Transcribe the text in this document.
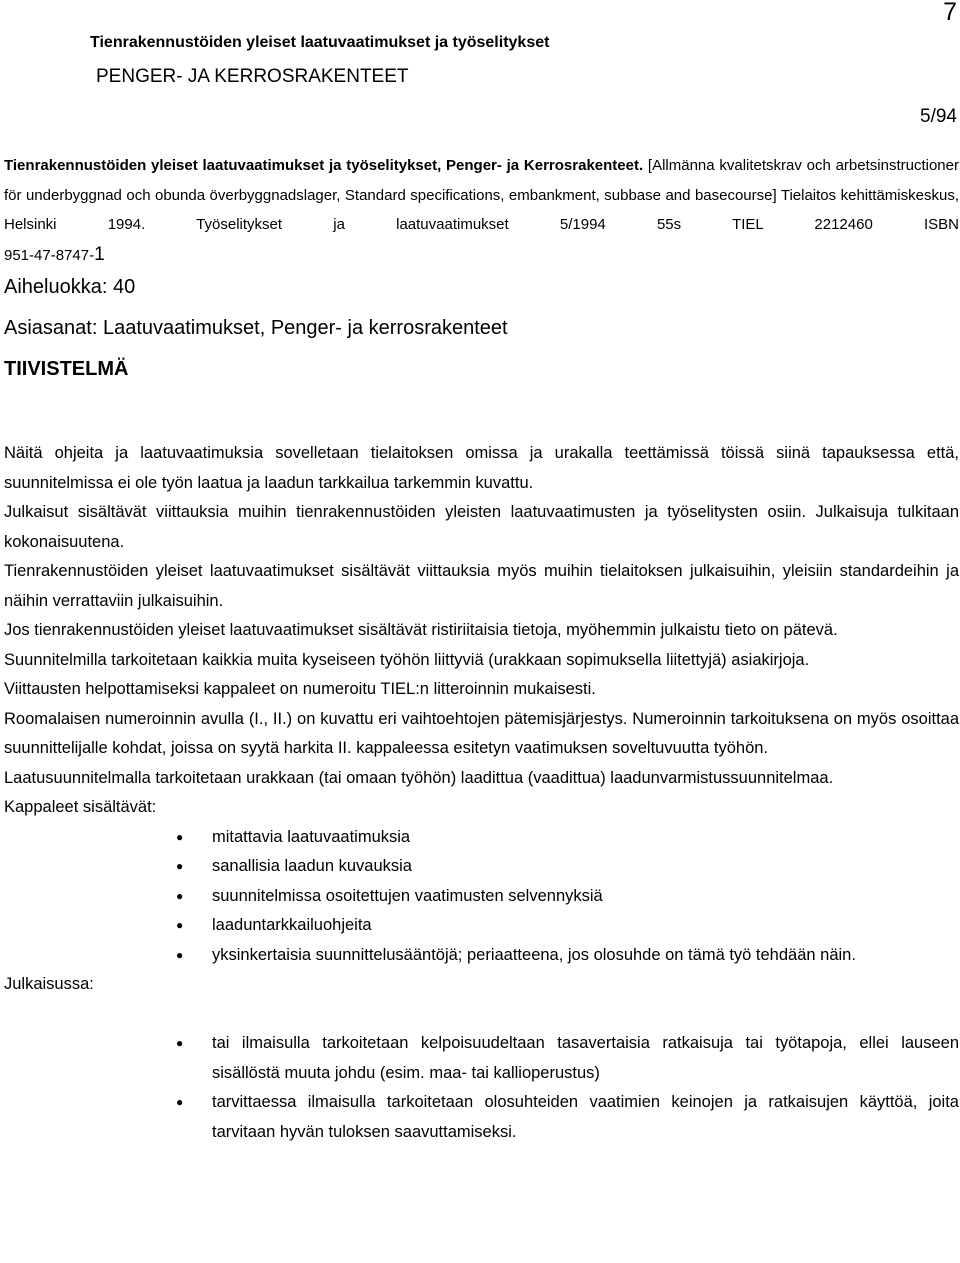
Tienrakennustöiden yleiset laatuvaatimukset ja työselitykset
PENGER- JA KERROSRAKENTEET
7
5/94
Tienrakennustöiden yleiset laatuvaatimukset ja työselitykset, Penger- ja Kerrosrakenteet. [Allmänna kvalitetskrav och arbetsinstructioner för underbyggnad och obunda överbyggnadslager, Standard specifications, embankment, subbase and basecourse] Tielaitos kehittämiskeskus, Helsinki 1994. Työselitykset ja laatuvaatimukset 5/1994 55s TIEL 2212460 ISBN
951-47-8747-1
Aiheluokka: 40
Asiasanat: Laatuvaatimukset, Penger- ja kerrosrakenteet
TIIVISTELMÄ

Näitä ohjeita ja laatuvaatimuksia sovelletaan tielaitoksen omissa ja urakalla teettämissä töissä siinä tapauksessa että, suunnitelmissa ei ole työn laatua ja laadun tarkkailua tarkemmin kuvattu.

Julkaisut sisältävät viittauksia muihin tienrakennustöiden yleisten laatuvaatimusten ja työselitysten osiin. Julkaisuja tulkitaan kokonaisuutena.

Tienrakennustöiden yleiset laatuvaatimukset sisältävät viittauksia myös muihin tielaitoksen julkaisuihin, yleisiin standardeihin ja näihin verrattaviin julkaisuihin.

Jos tienrakennustöiden yleiset laatuvaatimukset sisältävät ristiriitaisia tietoja, myöhemmin julkaistu tieto on pätevä.

Suunnitelmilla tarkoitetaan kaikkia muita kyseiseen työhön liittyviä (urakkaan sopimuksella liitettyjä) asiakirjoja.

Viittausten helpottamiseksi kappaleet on numeroitu TIEL:n litteroinnin mukaisesti.

Roomalaisen numeroinnin avulla (I., II.) on kuvattu eri vaihtoehtojen pätemisjärjestys. Numeroinnin tarkoituksena on myös osoittaa suunnittelijalle kohdat, joissa on syytä harkita II. kappaleessa esitetyn vaatimuksen soveltuvuutta työhön.

Laatusuunnitelmalla tarkoitetaan urakkaan (tai omaan työhön) laadittua (vaadittua) laadunvarmistussuunnitelmaa.

Kappaleet sisältävät:

● mitattavia laatuvaatimuksia
● sanallisia laadun kuvauksia
● suunnitelmissa osoitettujen vaatimusten selvennyksiä
● laaduntarkkailuohjeita
● yksinkertaisia suunnittelusääntöjä; periaatteena, jos olosuhde on tämä työ tehdään näin.

Julkaisussa:

● tai ilmaisulla tarkoitetaan kelpoisuudeltaan tasavertaisia ratkaisuja tai työtapoja, ellei lauseen sisällöstä muuta johdu (esim. maa- tai kallioperustus)
● tarvittaessa ilmaisulla tarkoitetaan olosuhteiden vaatimien keinojen ja ratkaisujen käyttöä, joita tarvitaan hyvän tuloksen saavuttamiseksi.
